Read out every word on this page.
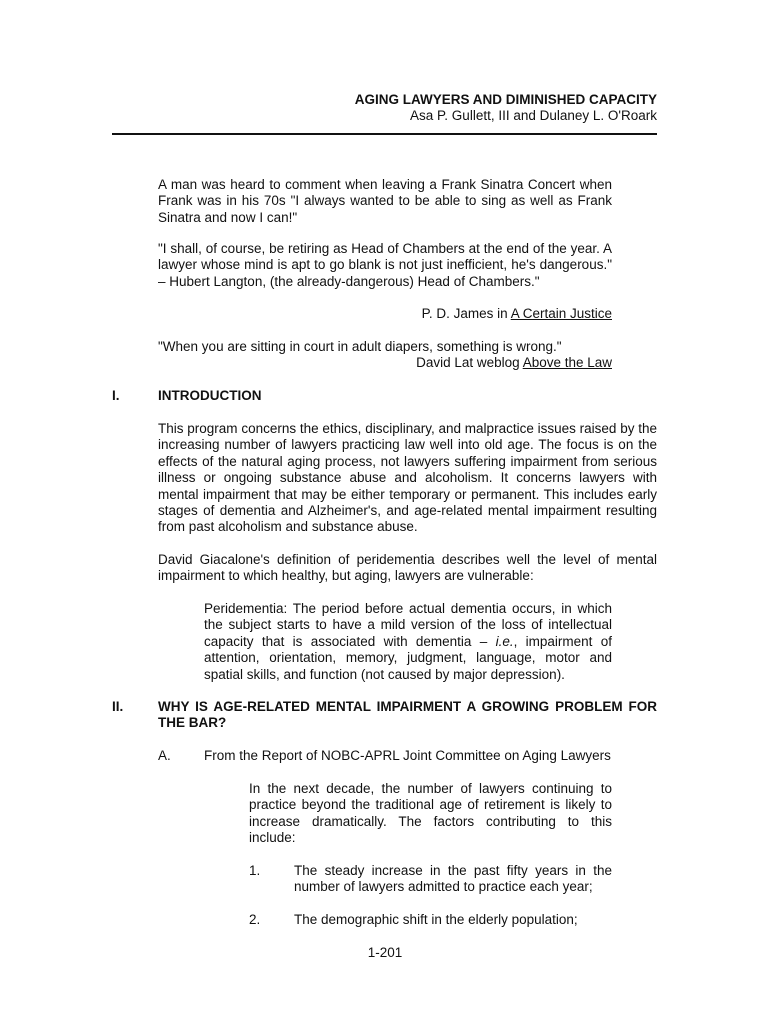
AGING LAWYERS AND DIMINISHED CAPACITY
Asa P. Gullett, III and Dulaney L. O'Roark
A man was heard to comment when leaving a Frank Sinatra Concert when Frank was in his 70s "I always wanted to be able to sing as well as Frank Sinatra and now I can!"
"I shall, of course, be retiring as Head of Chambers at the end of the year. A lawyer whose mind is apt to go blank is not just inefficient, he's dangerous." – Hubert Langton, (the already-dangerous) Head of Chambers."
P. D. James in A Certain Justice
"When you are sitting in court in adult diapers, something is wrong."
David Lat weblog Above the Law
I.	INTRODUCTION
This program concerns the ethics, disciplinary, and malpractice issues raised by the increasing number of lawyers practicing law well into old age. The focus is on the effects of the natural aging process, not lawyers suffering impairment from serious illness or ongoing substance abuse and alcoholism. It concerns lawyers with mental impairment that may be either temporary or permanent. This includes early stages of dementia and Alzheimer's, and age-related mental impairment resulting from past alcoholism and substance abuse.
David Giacalone's definition of peridementia describes well the level of mental impairment to which healthy, but aging, lawyers are vulnerable:
Peridementia: The period before actual dementia occurs, in which the subject starts to have a mild version of the loss of intellectual capacity that is associated with dementia – i.e., impairment of attention, orientation, memory, judgment, language, motor and spatial skills, and function (not caused by major depression).
II.	WHY IS AGE-RELATED MENTAL IMPAIRMENT A GROWING PROBLEM FOR THE BAR?
A. From the Report of NOBC-APRL Joint Committee on Aging Lawyers
In the next decade, the number of lawyers continuing to practice beyond the traditional age of retirement is likely to increase dramatically. The factors contributing to this include:
1. The steady increase in the past fifty years in the number of lawyers admitted to practice each year;
2. The demographic shift in the elderly population;
1-201
